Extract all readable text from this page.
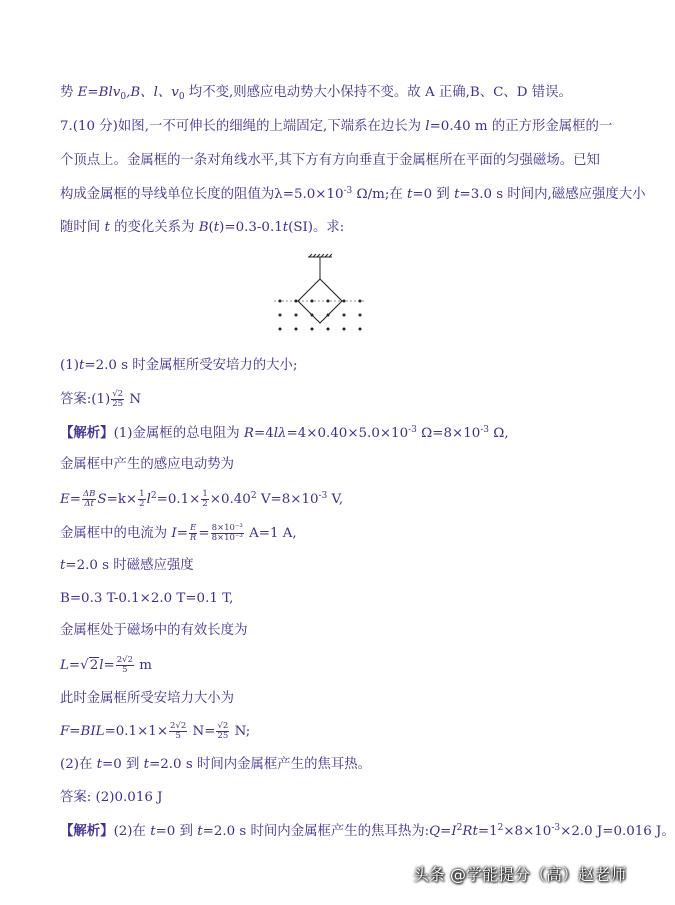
势 E=Blv$_0$,B、l、$v_0$ 均不变,则感应电动势大小保持不变。故 A 正确,B、C、D 错误。

7.(10 分)如图,一不可伸长的细绳的上端固定,下端系在边长为 l=0.40 m 的正方形金属框的一

个顶点上。金属框的一条对角线水平,其下方有方向垂直于金属框所在平面的匀强磁场。已知

构成金属框的导线单位长度的阻值为$\lambda=5.0\times 10^{-3}$ Ω/m;在 t=0 到 t=3.0 s 时间内,磁感应强度大小

随时间 t 的变化关系为 B(t)=0.3-0.1t(SI)。求:

(1)t=2.0 s 时金属框所受安培力的大小;

答案:(1) $\frac{√2}{25}$ N

【解析】(1)金属框的总电阻为 $R=4l\lambda=4\times 0.40\times 5.0\times 10^{-3}$ $\Omega=8\times 10^{-3}$ Ω,

金属框中产生的感应电动势为

$E= \frac{\Delta B}{\Delta t} S=k\times \frac{1}{2} l^2=0.1\times \frac{1}{2} \times 0.40^2$ $V=8\times 10^{-3}$ V,

金属框中的电流为 $I= \frac{E}{R} = \frac{\text{8×10⁻³}}{\text{8×10⁻³}} A=1$ A,

t=2.0 s 时磁感应强度

B=0.3 T-0.1×2.0 T=0.1 T,

金属框处于磁场中的有效长度为

$L=√2l= \frac{2√2}{5}$ m

此时金属框所受安培力大小为

$F=BIL=0.1\times 1\times \frac{2√2}{5} N= \frac{√2}{25} N$;

(2)在 t=0 到 t=2.0 s 时间内金属框产生的焦耳热。

答案: (2)0.016 J

【解析】(2)在 t=0 到 t=2.0 s 时间内金属框产生的焦耳热为$:Q=I^2Rt=1^2\times 8\times 10^{-3}\times 2.0$ J=0.016 J。

头条 @学能提分（高）赵老师
